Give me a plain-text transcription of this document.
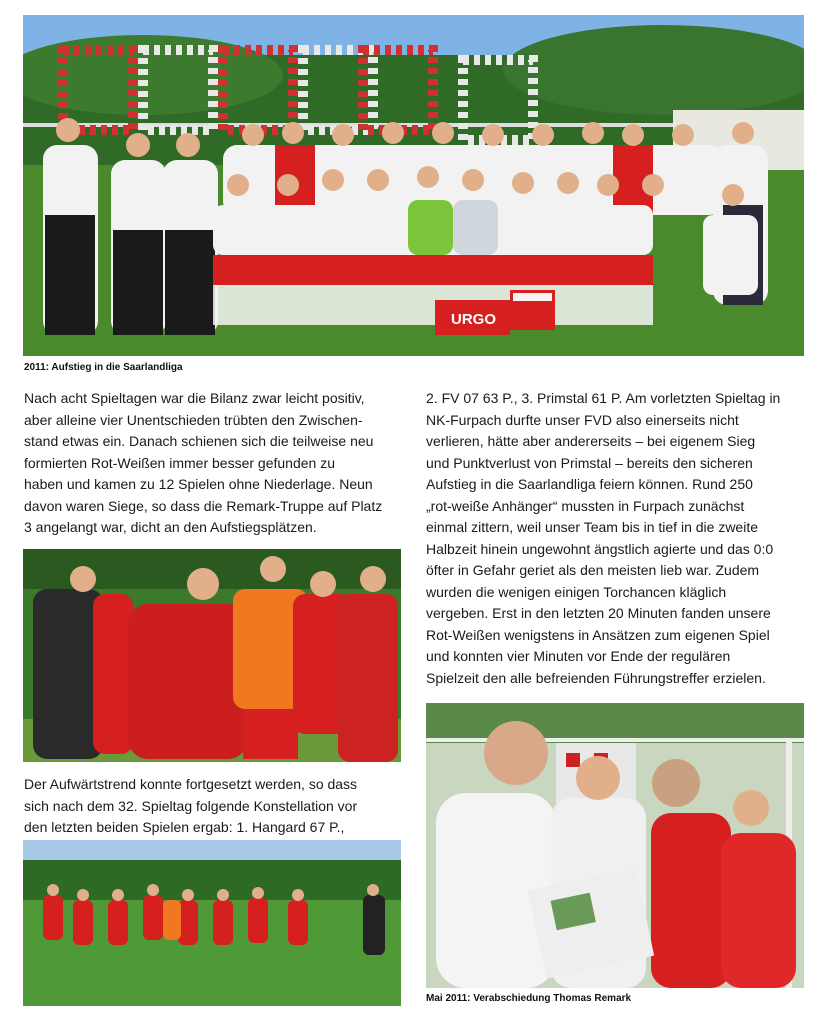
UFFEN
URGO
2011: Aufstieg in die Saarlandliga
Nach acht Spieltagen war die Bilanz zwar leicht positiv,
aber alleine vier Unentschieden trübten den Zwischen-
stand etwas ein. Danach schienen sich die teilweise neu
formierten Rot-Weißen immer besser gefunden zu
haben und kamen zu 12 Spielen ohne Niederlage. Neun
davon waren Siege, so dass die Remark-Truppe auf Platz
3 angelangt war, dicht an den Aufstiegsplätzen.
2. FV 07 63 P., 3. Primstal 61 P. Am vorletzten Spieltag in
NK-Furpach durfte unser FVD also einerseits nicht
verlieren, hätte aber andererseits – bei eigenem Sieg
und Punktverlust von Primstal – bereits den sicheren
Aufstieg in die Saarlandliga feiern können. Rund 250
„rot-weiße Anhänger“ mussten in Furpach zunächst
einmal zittern, weil unser Team bis in tief in die zweite
Halbzeit hinein ungewohnt ängstlich agierte und das 0:0
öfter in Gefahr geriet als den meisten lieb war. Zudem
wurden die wenigen einigen Torchancen kläglich
vergeben. Erst in den letzten 20 Minuten fanden unsere
Rot-Weißen wenigstens in Ansätzen zum eigenen Spiel
und konnten vier Minuten vor Ende der regulären
Spielzeit den alle befreienden Führungstreffer erzielen.
Der Aufwärtstrend konnte fortgesetzt werden, so dass
sich nach dem 32. Spieltag folgende Konstellation vor
den letzten beiden Spielen ergab: 1. Hangard 67 P.,
Mai 2011: Verabschiedung Thomas Remark
